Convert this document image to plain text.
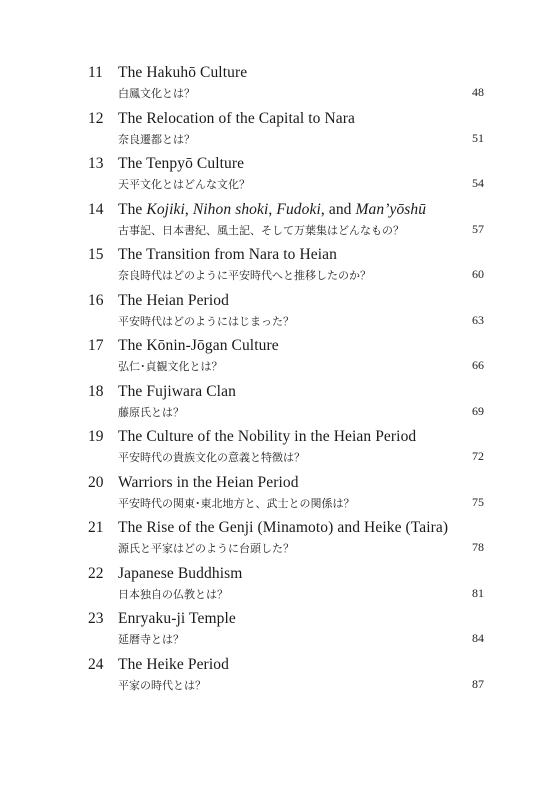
11 The Hakuhō Culture
白鳳文化とは？	48
12 The Relocation of the Capital to Nara
奈良遷都とは？	51
13 The Tenpyō Culture
天平文化とはどんな文化？	54
14 The Kojiki, Nihon shoki, Fudoki, and Man’yōshū
古事記、日本書紀、風土記、そして万葉集はどんなもの？	57
15 The Transition from Nara to Heian
奈良時代はどのように平安時代へと推移したのか？	60
16 The Heian Period
平安時代はどのようにはじまった？	63
17 The Kōnin-Jōgan Culture
弘仁･貞観文化とは？	66
18 The Fujiwara Clan
藤原氏とは？	69
19 The Culture of the Nobility in the Heian Period
平安時代の貴族文化の意義と特徴は？	72
20 Warriors in the Heian Period
平安時代の関東･東北地方と、武士との関係は？	75
21 The Rise of the Genji (Minamoto) and Heike (Taira)
源氏と平家はどのように台頭した？	78
22 Japanese Buddhism
日本独自の仏教とは？	81
23 Enryaku-ji Temple
延暦寺とは？	84
24 The Heike Period
平家の時代とは？	87
